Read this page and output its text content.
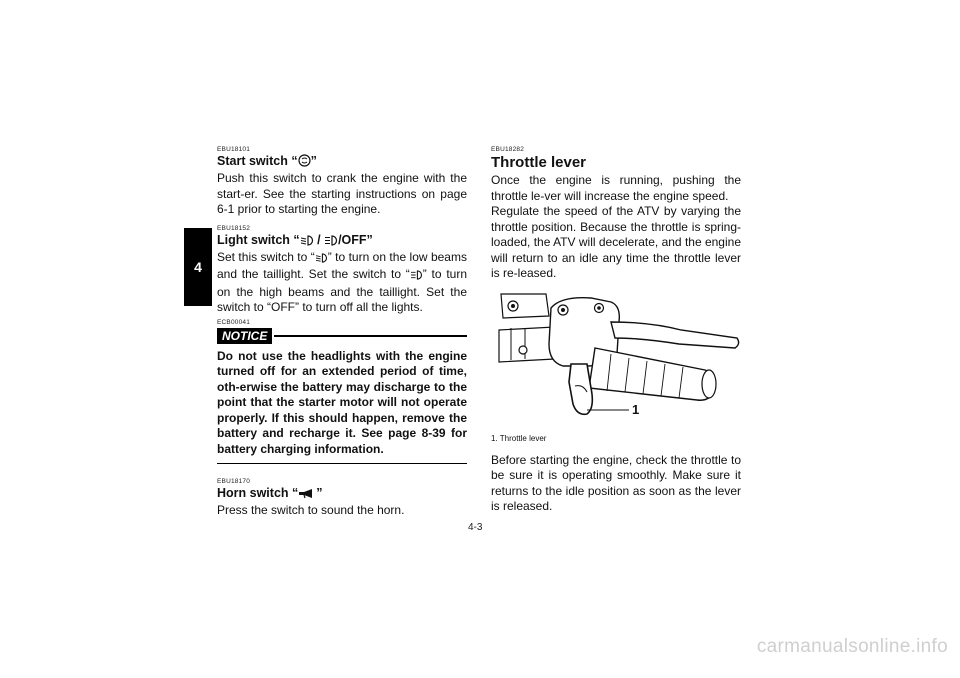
4

EBU18101

Start switch “ ”

Push this switch to crank the engine with the start-er. See the starting instructions on page 6-1 prior to starting the engine.

EBU18152

Light switch “ / /OFF”

Set this switch to “ ” to turn on the low beams and the taillight. Set the switch to “ ” to turn on the high beams and the taillight. Set the switch to “OFF” to turn off all the lights.

ECB00041

NOTICE

Do not use the headlights with the engine turned off for an extended period of time, oth-erwise the battery may discharge to the point that the starter motor will not operate properly. If this should happen, remove the battery and recharge it. See page 8-39 for battery charging information.

EBU18170

Horn switch “ ”

Press the switch to sound the horn.

EBU18282

Throttle lever

Once the engine is running, pushing the throttle le-ver will increase the engine speed.

Regulate the speed of the ATV by varying the throttle position. Because the throttle is spring-loaded, the ATV will decelerate, and the engine will return to an idle any time the throttle lever is re-leased.

1

1. Throttle lever

Before starting the engine, check the throttle to be sure it is operating smoothly. Make sure it returns to the idle position as soon as the lever is released.

4-3
carmanualsonline.info
